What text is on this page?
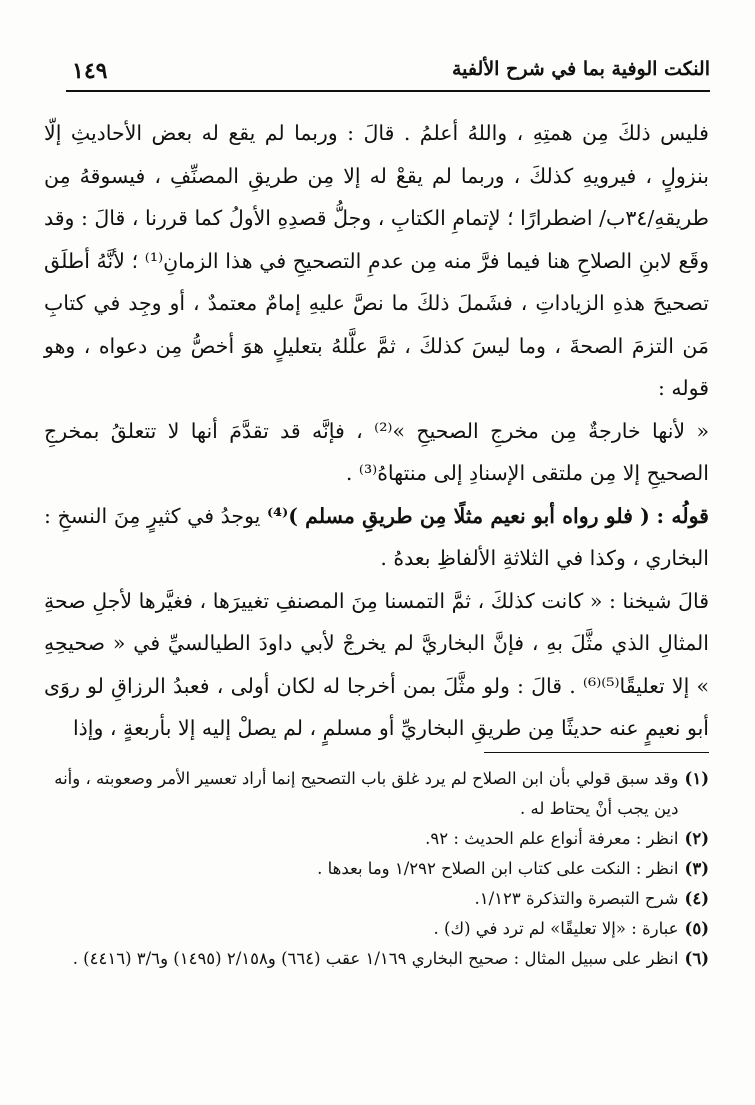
النكت الوفية بما في شرح الألفية
١٤٩

فليس ذلكَ مِن همتِهِ ، واللهُ أعلمُ . قالَ : وربما لم يقع له بعض الأحاديثِ إلّا بنزولٍ ، فيرويهِ كذلكَ ، وربما لم يقعْ له إلا مِن طريقِ المصنِّفِ ، فيسوقهُ مِن طريقهِ/٣٤ب/ اضطرارًا ؛ لإتمامِ الكتابِ ، وجلُّ قصدِهِ الأولُ كما قررنا ، قالَ : وقد وقَع لابنِ الصلاحِ هنا فيما فرَّ منه مِن عدمِ التصحيحِ في هذا الزمانِ⁽¹⁾ ؛ لأنَّهُ أطلَق تصحيحَ هذهِ الزياداتِ ، فشَملَ ذلكَ ما نصَّ عليهِ إمامٌ معتمدٌ ، أو وجِد في كتابِ مَن التزمَ الصحةَ ، وما ليسَ كذلكَ ، ثمَّ علَّلهُ بتعليلٍ هوَ أخصُّ مِن دعواه ، وهو قوله :

« لأنها خارجةٌ مِن مخرجِ الصحيحِ »⁽²⁾ ، فإنَّه قد تقدَّمَ أنها لا تتعلقُ بمخرجِ الصحيحِ إلا مِن ملتقى الإسنادِ إلى منتهاهُ⁽³⁾ .

قولُه : ( فلو رواه أبو نعيم مثلًا مِن طريقِ مسلم )⁽⁴⁾ يوجدُ في كثيرٍ مِنَ النسخِ : البخاري ، وكذا في الثلاثةِ الألفاظِ بعدهُ .

قالَ شيخنا : « كانت كذلكَ ، ثمَّ التمسنا مِنَ المصنفِ تغييرَها ، فغيَّرها لأجلِ صحةِ المثالِ الذي مثَّلَ بهِ ، فإنَّ البخاريَّ لم يخرجْ لأبي داودَ الطيالسيِّ في « صحيحِهِ » إلا تعليقًا⁽⁵⁾⁽⁶⁾ . قالَ : ولو مثَّلَ بمن أخرجا له لكان أولى ، فعبدُ الرزاقِ لو روَى أبو نعيمٍ عنه حديثًا مِن طريقِ البخاريِّ أو مسلمٍ ، لم يصلْ إليه إلا بأربعةٍ ، وإذا

(١)
وقد سبق قولي بأن ابن الصلاح لم يرد غلق باب التصحيح إنما أراد تعسير الأمر وصعوبته ، وأنه دين يجب أنْ يحتاط له .
(٢)
انظر : معرفة أنواع علم الحديث : ٩٢.
(٣)
انظر : النكت على كتاب ابن الصلاح ١/٢٩٢ وما بعدها .
(٤)
شرح التبصرة والتذكرة ١/١٢٣.
(٥)
عبارة : «إلا تعليقًا» لم ترد في (ك) .
(٦)
انظر على سبيل المثال : صحيح البخاري ١/١٦٩ عقب (٦٦٤) و٢/١٥٨ (١٤٩٥) و٣/٦ (٤٤١٦) .
